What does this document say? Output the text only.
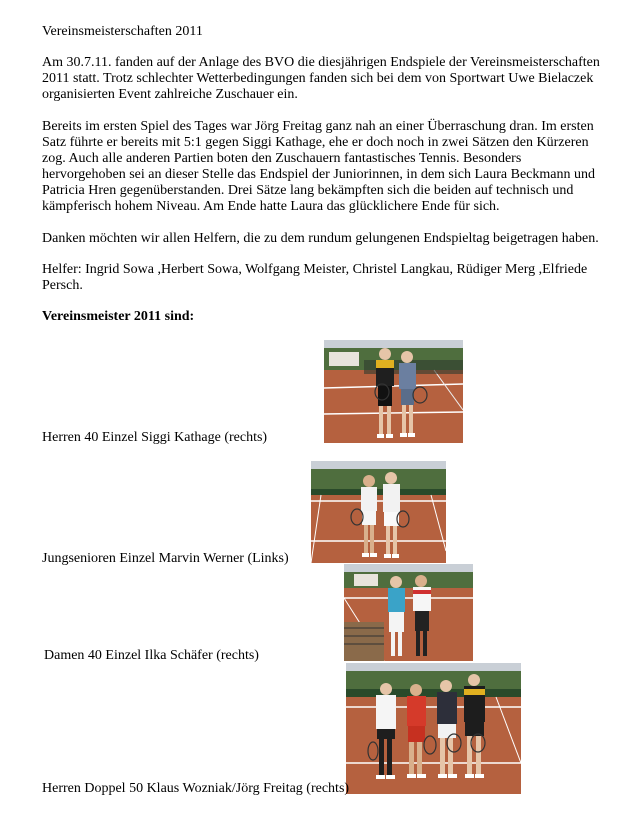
Vereinsmeisterschaften 2011
Am 30.7.11. fanden auf der Anlage des BVO die diesjährigen Endspiele der Vereinsmeisterschaften 2011 statt. Trotz schlechter Wetterbedingungen fanden sich bei dem von Sportwart Uwe Bielaczek organisierten Event zahlreiche Zuschauer ein.
Bereits im ersten Spiel des Tages war Jörg Freitag ganz nah an einer Überraschung dran. Im ersten Satz führte er bereits mit 5:1 gegen Siggi Kathage, ehe er doch noch in zwei Sätzen den Kürzeren zog. Auch alle anderen Partien boten den Zuschauern fantastisches Tennis. Besonders hervorgehoben sei an dieser Stelle das Endspiel der Juniorinnen, in dem sich Laura Beckmann und Patricia Hren gegenüberstanden. Drei Sätze lang bekämpften sich die beiden auf technisch und kämpferisch hohem Niveau. Am Ende hatte Laura das glücklichere Ende für sich.
Danken möchten wir allen Helfern, die zu dem rundum gelungenen Endspieltag beigetragen haben.
Helfer: Ingrid Sowa ,Herbert Sowa, Wolfgang Meister, Christel Langkau, Rüdiger Merg ,Elfriede Persch.
Vereinsmeister 2011 sind:
Herren 40 Einzel Siggi Kathage (rechts)
Jungsenioren Einzel Marvin Werner (Links)
Damen 40 Einzel Ilka Schäfer (rechts)
Herren Doppel 50 Klaus Wozniak/Jörg Freitag (rechts)
